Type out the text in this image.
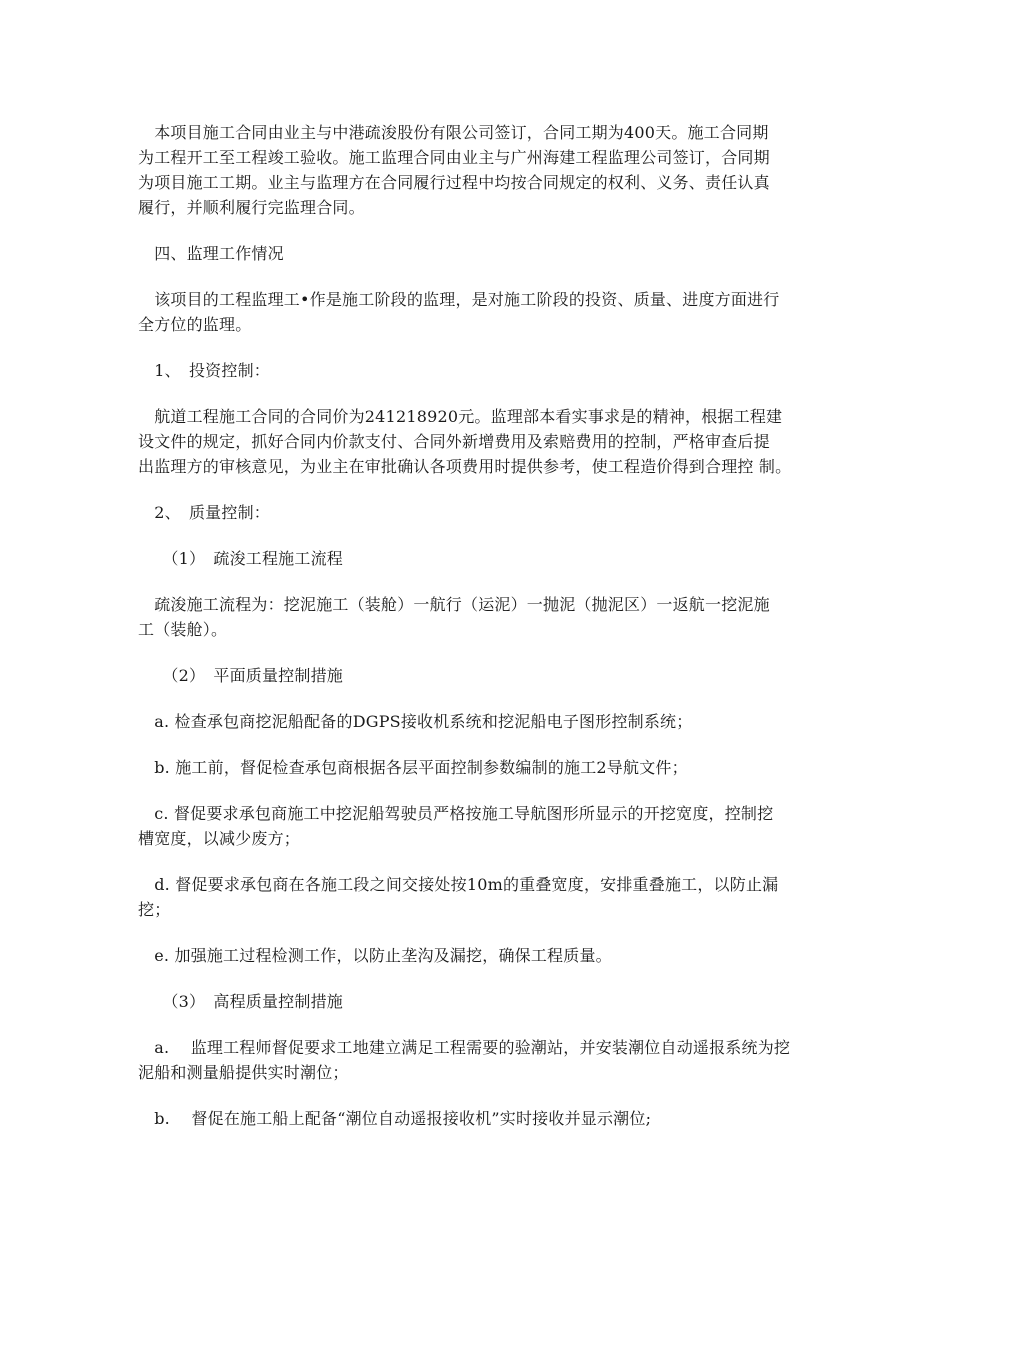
　本项目施工合同由业主与中港疏浚股份有限公司签订，合同工期为400天。施工合同期
为工程开工至工程竣工验收。施工监理合同由业主与广州海建工程监理公司签订，合同期
为项目施工工期。业主与监理方在合同履行过程中均按合同规定的权利、义务、责任认真
履行，并顺利履行完监理合同。
　四、监理工作情况
　该项目的工程监理工•作是施工阶段的监理，是对施工阶段的投资、质量、进度方面进行
全方位的监理。
　1、　投资控制：
　航道工程施工合同的合同价为241218920元。监理部本看实事求是的精神，根据工程建
设文件的规定，抓好合同内价款支付、合同外新增费用及索赔费用的控制，严格审查后提
出监理方的审核意见，为业主在审批确认各项费用时提供参考，使工程造价得到合理控 制。
　2、　质量控制：
　　（1）　疏浚工程施工流程
　疏浚施工流程为：挖泥施工（装舱）一航行（运泥）一抛泥（抛泥区）一返航一挖泥施
工（装舱）。
　　（2）　平面质量控制措施
　a. 检查承包商挖泥船配备的DGPS接收机系统和挖泥船电子图形控制系统；
　b. 施工前，督促检查承包商根据各层平面控制参数编制的施工2导航文件；
　c. 督促要求承包商施工中挖泥船驾驶员严格按施工导航图形所显示的开挖宽度，控制挖
槽宽度，以减少废方；
　d. 督促要求承包商在各施工段之间交接处按10m的重叠宽度，安排重叠施工，以防止漏
挖；
　e. 加强施工过程检测工作，以防止垄沟及漏挖，确保工程质量。
　　（3）　高程质量控制措施
　a.　 监理工程师督促要求工地建立满足工程需要的验潮站，并安装潮位自动遥报系统为挖
泥船和测量船提供实时潮位；
　b.　 督促在施工船上配备“潮位自动遥报接收机”实时接收并显示潮位;
